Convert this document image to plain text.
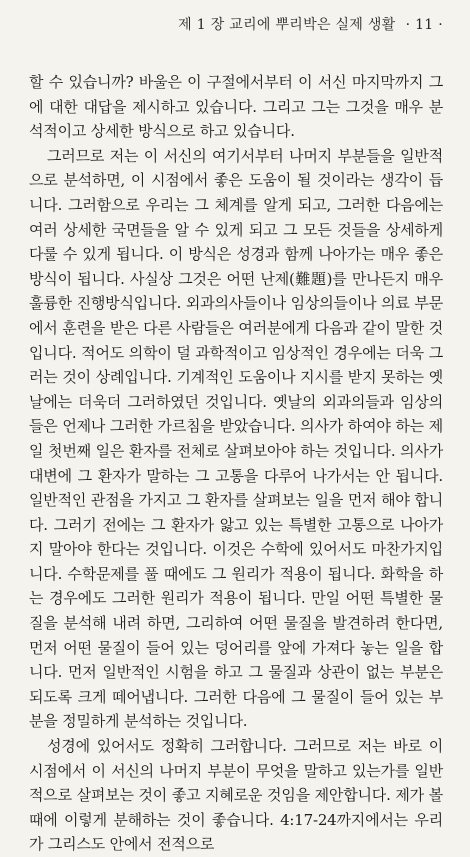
제 1 장 교리에 뿌리박은 실제 생활 · 11 ·

할 수 있습니까? 바울은 이 구절에서부터 이 서신 마지막까지 그에 대한 대답을 제시하고 있습니다. 그리고 그는 그것을 매우 분석적이고 상세한 방식으로 하고 있습니다.

그러므로 저는 이 서신의 여기서부터 나머지 부분들을 일반적으로 분석하면, 이 시점에서 좋은 도움이 될 것이라는 생각이 듭니다. 그러함으로 우리는 그 체계를 알게 되고, 그러한 다음에는 여러 상세한 국면들을 알 수 있게 되고 그 모든 것들을 상세하게 다룰 수 있게 됩니다. 이 방식은 성경과 함께 나아가는 매우 좋은 방식이 됩니다. 사실상 그것은 어떤 난제(難題)를 만나든지 매우 훌륭한 진행방식입니다. 외과의사들이나 임상의들이나 의료 부문에서 훈련을 받은 다른 사람들은 여러분에게 다음과 같이 말한 것입니다. 적어도 의학이 덜 과학적이고 임상적인 경우에는 더욱 그러는 것이 상례입니다. 기계적인 도움이나 지시를 받지 못하는 옛날에는 더욱더 그러하였던 것입니다. 옛날의 외과의들과 임상의들은 언제나 그러한 가르침을 받았습니다. 의사가 하여야 하는 제일 첫번째 일은 환자를 전체로 살펴보아야 하는 것입니다. 의사가 대변에 그 환자가 말하는 그 고통을 다루어 나가서는 안 됩니다. 일반적인 관점을 가지고 그 환자를 살펴보는 일을 먼저 해야 합니다. 그러기 전에는 그 환자가 앓고 있는 특별한 고통으로 나아가지 말아야 한다는 것입니다. 이것은 수학에 있어서도 마찬가지입니다. 수학문제를 풀 때에도 그 원리가 적용이 됩니다. 화학을 하는 경우에도 그러한 원리가 적용이 됩니다. 만일 어떤 특별한 물질을 분석해 내려 하면, 그리하여 어떤 물질을 발견하려 한다면, 먼저 어떤 물질이 들어 있는 덩어리를 앞에 가져다 놓는 일을 합니다. 먼저 일반적인 시험을 하고 그 물질과 상관이 없는 부분은 되도록 크게 떼어냅니다. 그러한 다음에 그 물질이 들어 있는 부분을 정밀하게 분석하는 것입니다.

성경에 있어서도 정확히 그러합니다. 그러므로 저는 바로 이 시점에서 이 서신의 나머지 부분이 무엇을 말하고 있는가를 일반적으로 살펴보는 것이 좋고 지혜로운 것임을 제안합니다. 제가 볼 때에 이렇게 분해하는 것이 좋습니다. 4:17-24까지에서는 우리가 그리스도 안에서 전적으로
